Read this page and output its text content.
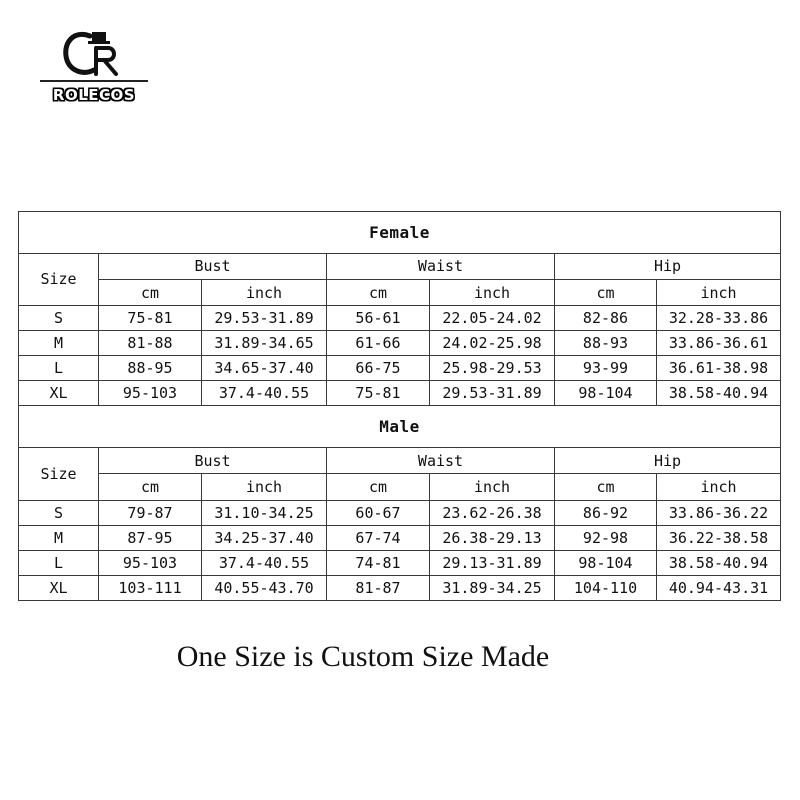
ROLECOS
Female						
Size	Bust		Waist		Hip	
	cm	inch	cm	inch	cm	inch
S	75-81	29.53-31.89	56-61	22.05-24.02	82-86	32.28-33.86
M	81-88	31.89-34.65	61-66	24.02-25.98	88-93	33.86-36.61
L	88-95	34.65-37.40	66-75	25.98-29.53	93-99	36.61-38.98
XL	95-103	37.4-40.55	75-81	29.53-31.89	98-104	38.58-40.94
Male						
Size	Bust		Waist		Hip	
	cm	inch	cm	inch	cm	inch
S	79-87	31.10-34.25	60-67	23.62-26.38	86-92	33.86-36.22
M	87-95	34.25-37.40	67-74	26.38-29.13	92-98	36.22-38.58
L	95-103	37.4-40.55	74-81	29.13-31.89	98-104	38.58-40.94
XL	103-111	40.55-43.70	81-87	31.89-34.25	104-110	40.94-43.31
One Size is Custom Size Made
